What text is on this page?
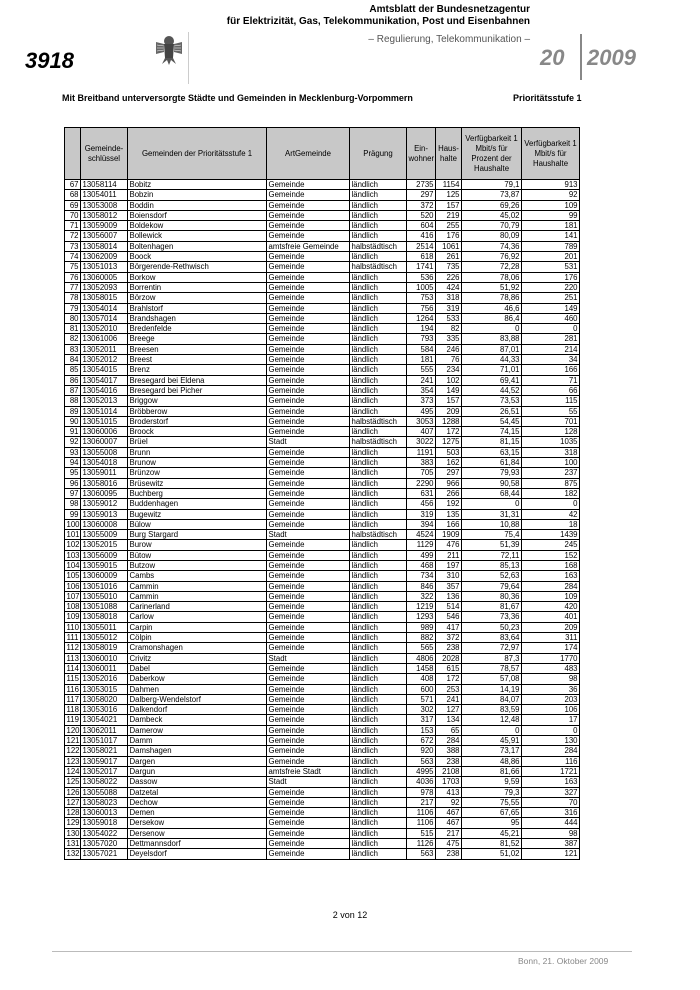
3918
Amtsblatt der Bundesnetzagentur
für Elektrizität, Gas, Telekommunikation, Post und Eisenbahnen
– Regulierung, Telekommunikation –
20 2009
Mit Breitband unterversorgte Städte und Gemeinden in Mecklenburg-Vorpommern	Prioritätsstufe 1
	Gemeinde-schlüssel	Gemeinden der Prioritätsstufe 1	ArtGemeinde	Prägung	Ein-wohner	Haus-halte	Verfügbarkeit 1 Mbit/s für Prozent der Haushalte	Verfügbarkeit 1 Mbit/s für Haushalte
67	13058114	Bobitz	Gemeinde	ländlich	2735	1154	79,1	913
68	13054011	Bobzin	Gemeinde	ländlich	297	125	73,87	92
69	13053008	Boddin	Gemeinde	ländlich	372	157	69,26	109
70	13058012	Boiensdorf	Gemeinde	ländlich	520	219	45,02	99
71	13059009	Boldekow	Gemeinde	ländlich	604	255	70,79	181
72	13056007	Bollewick	Gemeinde	ländlich	416	176	80,09	141
73	13058014	Boltenhagen	amtsfreie Gemeinde	halbstädtisch	2514	1061	74,36	789
74	13062009	Boock	Gemeinde	ländlich	618	261	76,92	201
75	13051013	Börgerende-Rethwisch	Gemeinde	halbstädtisch	1741	735	72,28	531
76	13060005	Borkow	Gemeinde	ländlich	536	226	78,06	176
77	13052093	Borrentin	Gemeinde	ländlich	1005	424	51,92	220
78	13058015	Börzow	Gemeinde	ländlich	753	318	78,86	251
79	13054014	Brahlstorf	Gemeinde	ländlich	756	319	46,6	149
80	13057014	Brandshagen	Gemeinde	ländlich	1264	533	86,4	460
81	13052010	Bredenfelde	Gemeinde	ländlich	194	82	0	0
82	13061006	Breege	Gemeinde	ländlich	793	335	83,88	281
83	13052011	Breesen	Gemeinde	ländlich	584	246	87,01	214
84	13052012	Breest	Gemeinde	ländlich	181	76	44,33	34
85	13054015	Brenz	Gemeinde	ländlich	555	234	71,01	166
86	13054017	Bresegard bei Eldena	Gemeinde	ländlich	241	102	69,41	71
87	13054016	Bresegard bei Picher	Gemeinde	ländlich	354	149	44,52	66
88	13052013	Briggow	Gemeinde	ländlich	373	157	73,53	115
89	13051014	Bröbberow	Gemeinde	ländlich	495	209	26,51	55
90	13051015	Broderstorf	Gemeinde	halbstädtisch	3053	1288	54,45	701
91	13060006	Broock	Gemeinde	ländlich	407	172	74,15	128
92	13060007	Brüel	Stadt	halbstädtisch	3022	1275	81,15	1035
93	13055008	Brunn	Gemeinde	ländlich	1191	503	63,15	318
94	13054018	Brunow	Gemeinde	ländlich	383	162	61,84	100
95	13059011	Brünzow	Gemeinde	ländlich	705	297	79,93	237
96	13058016	Brüsewitz	Gemeinde	ländlich	2290	966	90,58	875
97	13060095	Buchberg	Gemeinde	ländlich	631	266	68,44	182
98	13059012	Buddenhagen	Gemeinde	ländlich	456	192	0	0
99	13059013	Bugewitz	Gemeinde	ländlich	319	135	31,31	42
100	13060008	Bülow	Gemeinde	ländlich	394	166	10,88	18
101	13055009	Burg Stargard	Stadt	halbstädtisch	4524	1909	75,4	1439
102	13052015	Burow	Gemeinde	ländlich	1129	476	51,39	245
103	13056009	Bütow	Gemeinde	ländlich	499	211	72,11	152
104	13059015	Butzow	Gemeinde	ländlich	468	197	85,13	168
105	13060009	Cambs	Gemeinde	ländlich	734	310	52,63	163
106	13051016	Cammin	Gemeinde	ländlich	846	357	79,64	284
107	13055010	Cammin	Gemeinde	ländlich	322	136	80,36	109
108	13051088	Carinerland	Gemeinde	ländlich	1219	514	81,67	420
109	13058018	Carlow	Gemeinde	ländlich	1293	546	73,36	401
110	13055011	Carpin	Gemeinde	ländlich	989	417	50,23	209
111	13055012	Cölpin	Gemeinde	ländlich	882	372	83,64	311
112	13058019	Cramonshagen	Gemeinde	ländlich	565	238	72,97	174
113	13060010	Crivitz	Stadt	ländlich	4806	2028	87,3	1770
114	13060011	Dabel	Gemeinde	ländlich	1458	615	78,57	483
115	13052016	Daberkow	Gemeinde	ländlich	408	172	57,08	98
116	13053015	Dahmen	Gemeinde	ländlich	600	253	14,19	36
117	13058020	Dalberg-Wendelstorf	Gemeinde	ländlich	571	241	84,07	203
118	13053016	Dalkendorf	Gemeinde	ländlich	302	127	83,59	106
119	13054021	Dambeck	Gemeinde	ländlich	317	134	12,48	17
120	13062011	Damerow	Gemeinde	ländlich	153	65	0	0
121	13051017	Damm	Gemeinde	ländlich	672	284	45,91	130
122	13058021	Damshagen	Gemeinde	ländlich	920	388	73,17	284
123	13059017	Dargen	Gemeinde	ländlich	563	238	48,86	116
124	13052017	Dargun	amtsfreie Stadt	ländlich	4995	2108	81,66	1721
125	13058022	Dassow	Stadt	ländlich	4036	1703	9,59	163
126	13055088	Datzetal	Gemeinde	ländlich	978	413	79,3	327
127	13058023	Dechow	Gemeinde	ländlich	217	92	75,55	70
128	13060013	Demen	Gemeinde	ländlich	1106	467	67,65	316
129	13059018	Dersekow	Gemeinde	ländlich	1106	467	95	444
130	13054022	Dersenow	Gemeinde	ländlich	515	217	45,21	98
131	13057020	Dettmannsdorf	Gemeinde	ländlich	1126	475	81,52	387
132	13057021	Deyelsdorf	Gemeinde	ländlich	563	238	51,02	121
2 von 12
Bonn, 21. Oktober 2009
